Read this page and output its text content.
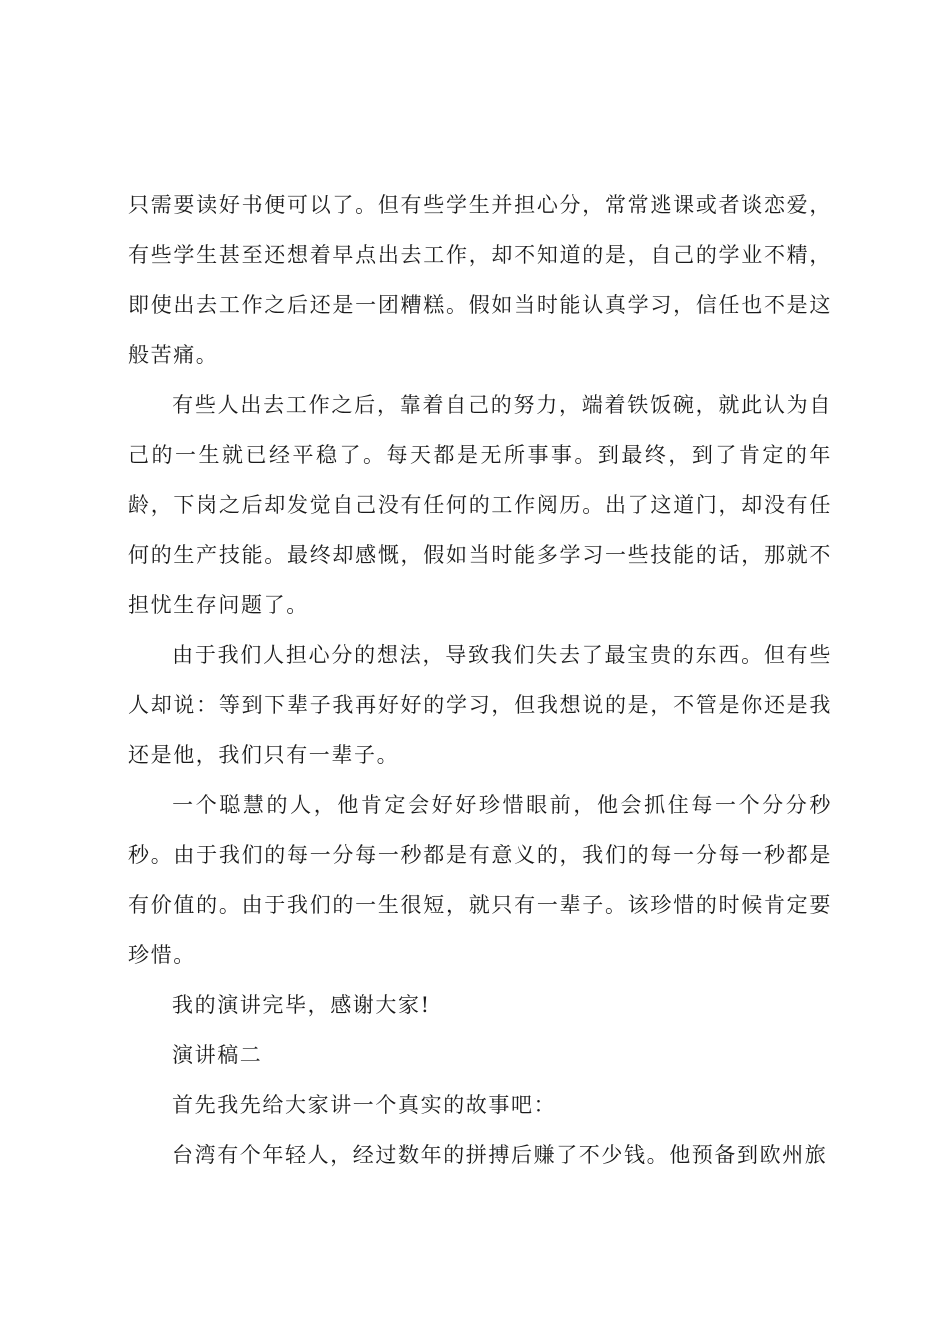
只需要读好书便可以了。但有些学生并担心分，常常逃课或者谈恋爱，有些学生甚至还想着早点出去工作，却不知道的是，自己的学业不精，即使出去工作之后还是一团糟糕。假如当时能认真学习，信任也不是这般苦痛。

有些人出去工作之后，靠着自己的努力，端着铁饭碗，就此认为自己的一生就已经平稳了。每天都是无所事事。到最终，到了肯定的年龄，下岗之后却发觉自己没有任何的工作阅历。出了这道门，却没有任何的生产技能。最终却感慨，假如当时能多学习一些技能的话，那就不担忧生存问题了。

由于我们人担心分的想法，导致我们失去了最宝贵的东西。但有些人却说：等到下辈子我再好好的学习，但我想说的是，不管是你还是我还是他，我们只有一辈子。

一个聪慧的人，他肯定会好好珍惜眼前，他会抓住每一个分分秒秒。由于我们的每一分每一秒都是有意义的，我们的每一分每一秒都是有价值的。由于我们的一生很短，就只有一辈子。该珍惜的时候肯定要珍惜。

我的演讲完毕，感谢大家!

演讲稿二

首先我先给大家讲一个真实的故事吧：

台湾有个年轻人，经过数年的拼搏后赚了不少钱。他预备到欧州旅
